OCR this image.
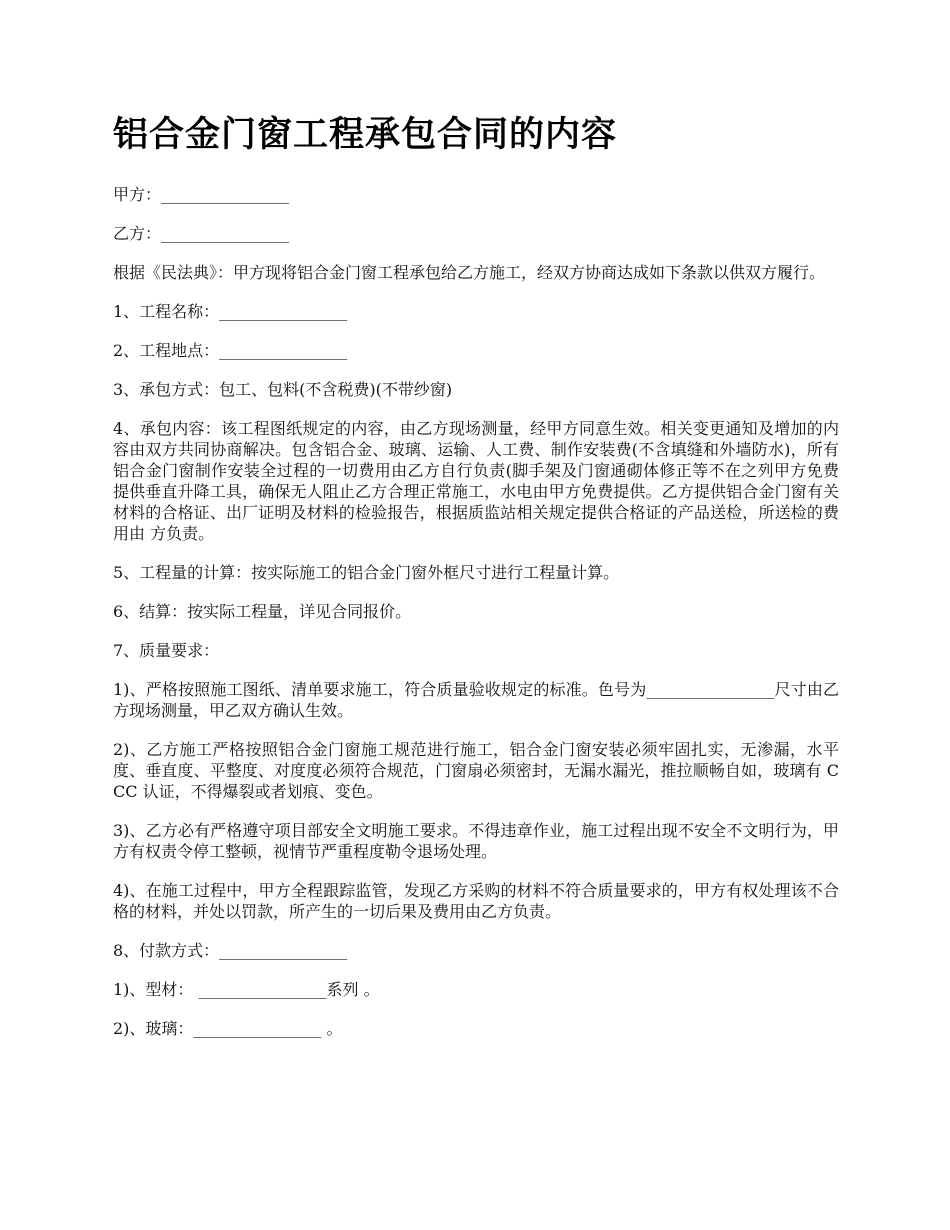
铝合金门窗工程承包合同的内容

甲方：________________

乙方：________________

根据《民法典》：甲方现将铝合金门窗工程承包给乙方施工，经双方协商达成如下条款以供双方履行。

1、工程名称：________________

2、工程地点：________________

3、承包方式：包工、包料(不含税费)(不带纱窗)

4、承包内容：该工程图纸规定的内容，由乙方现场测量，经甲方同意生效。相关变更通知及增加的内容由双方共同协商解决。包含铝合金、玻璃、运输、人工费、制作安装费(不含填缝和外墙防水)，所有铝合金门窗制作安装全过程的一切费用由乙方自行负责(脚手架及门窗通砌体修正等不在之列甲方免费提供垂直升降工具，确保无人阻止乙方合理正常施工，水电由甲方免费提供。乙方提供铝合金门窗有关材料的合格证、出厂证明及材料的检验报告，根据质监站相关规定提供合格证的产品送检，所送检的费用由 方负责。

5、工程量的计算：按实际施工的铝合金门窗外框尺寸进行工程量计算。

6、结算：按实际工程量，详见合同报价。

7、质量要求：

1)、严格按照施工图纸、清单要求施工，符合质量验收规定的标准。色号为________________尺寸由乙方现场测量，甲乙双方确认生效。

2)、乙方施工严格按照铝合金门窗施工规范进行施工，铝合金门窗安装必须牢固扎实，无渗漏，水平度、垂直度、平整度、对度度必须符合规范，门窗扇必须密封，无漏水漏光，推拉顺畅自如，玻璃有 CCC 认证，不得爆裂或者划痕、变色。

3)、乙方必有严格遵守项目部安全文明施工要求。不得违章作业，施工过程出现不安全不文明行为，甲方有权责令停工整顿，视情节严重程度勒令退场处理。

4)、在施工过程中，甲方全程跟踪监管，发现乙方采购的材料不符合质量要求的，甲方有权处理该不合格的材料，并处以罚款，所产生的一切后果及费用由乙方负责。

8、付款方式：________________

1)、型材： ________________系列 。

2)、玻璃：________________ 。
